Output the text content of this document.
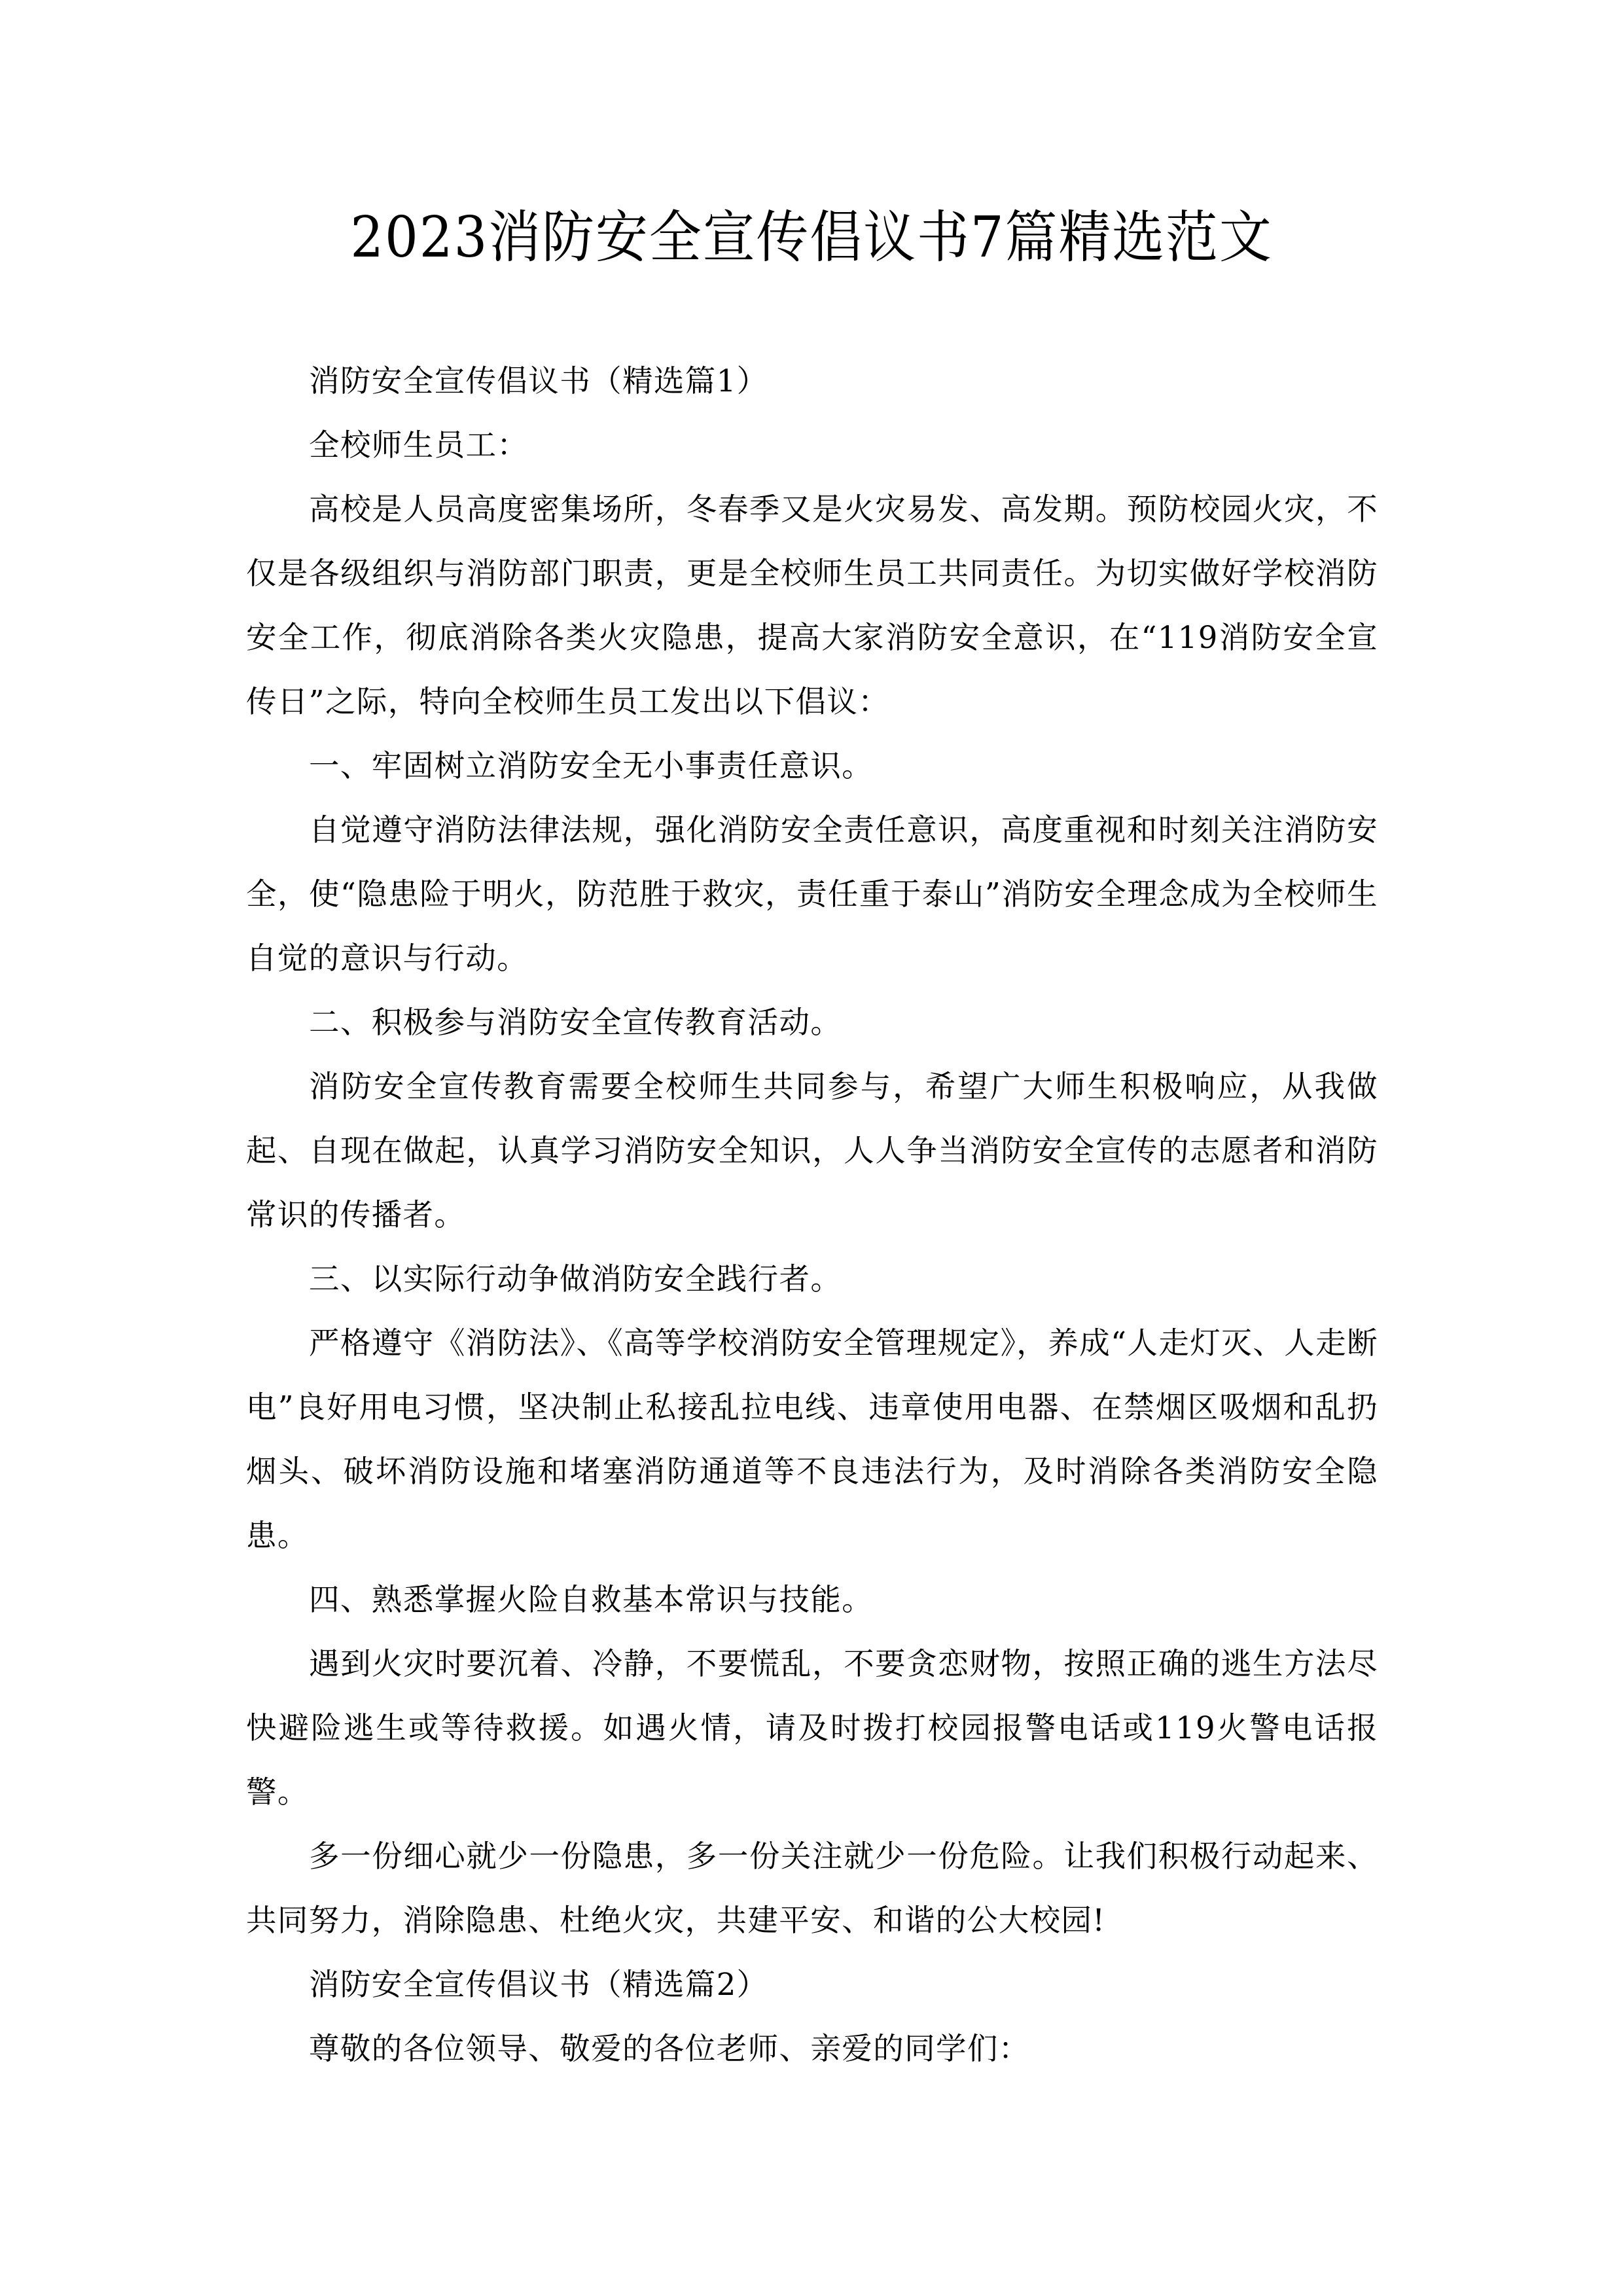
2023消防安全宣传倡议书7篇精选范文

消防安全宣传倡议书（精选篇1）

全校师生员工：

高校是人员高度密集场所，冬春季又是火灾易发、高发期。预防校园火灾，不仅是各级组织与消防部门职责，更是全校师生员工共同责任。为切实做好学校消防安全工作，彻底消除各类火灾隐患，提高大家消防安全意识，在“119消防安全宣传日”之际，特向全校师生员工发出以下倡议：

一、牢固树立消防安全无小事责任意识。

自觉遵守消防法律法规，强化消防安全责任意识，高度重视和时刻关注消防安全，使“隐患险于明火，防范胜于救灾，责任重于泰山”消防安全理念成为全校师生自觉的意识与行动。

二、积极参与消防安全宣传教育活动。

消防安全宣传教育需要全校师生共同参与，希望广大师生积极响应，从我做起、自现在做起，认真学习消防安全知识，人人争当消防安全宣传的志愿者和消防常识的传播者。

三、以实际行动争做消防安全践行者。

严格遵守《消防法》、《高等学校消防安全管理规定》，养成“人走灯灭、人走断电”良好用电习惯，坚决制止私接乱拉电线、违章使用电器、在禁烟区吸烟和乱扔烟头、破坏消防设施和堵塞消防通道等不良违法行为，及时消除各类消防安全隐患。

四、熟悉掌握火险自救基本常识与技能。

遇到火灾时要沉着、冷静，不要慌乱，不要贪恋财物，按照正确的逃生方法尽快避险逃生或等待救援。如遇火情，请及时拨打校园报警电话或119火警电话报警。

多一份细心就少一份隐患，多一份关注就少一份危险。让我们积极行动起来、共同努力，消除隐患、杜绝火灾，共建平安、和谐的公大校园!

消防安全宣传倡议书（精选篇2）

尊敬的各位领导、敬爱的各位老师、亲爱的同学们：
